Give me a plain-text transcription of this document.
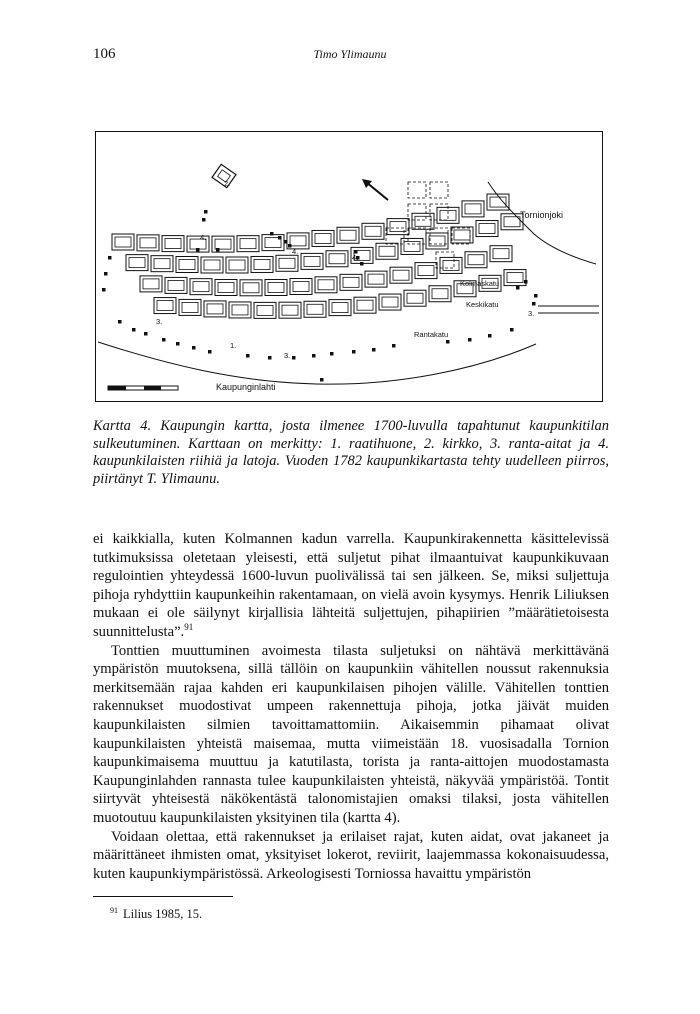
106	Timo Ylimaunu
Tornionjoki
Kaupunginlahti
Kolmaskatu
Keskikatu
Rantakatu
2.
1.
3.
3.
3.
4.
4.
4.

Kartta 4. Kaupungin kartta, josta ilmenee 1700-luvulla tapahtunut kaupunkitilan sulkeutuminen. Karttaan on merkitty: 1. raatihuone, 2. kirkko, 3. ranta-aitat ja 4. kaupunkilaisten riihiä ja latoja. Vuoden 1782 kaupunkikartasta tehty uudelleen piirros, piirtänyt T. Ylimaunu.

ei kaikkialla, kuten Kolmannen kadun varrella. Kaupunkirakennetta käsittelevissä tutkimuksissa oletetaan yleisesti, että suljetut pihat ilmaantuivat kaupunkikuvaan regulointien yhteydessä 1600-luvun puolivälissä tai sen jälkeen. Se, miksi suljettuja pihoja ryhdyttiin kaupunkeihin rakentamaan, on vielä avoin kysymys. Henrik Liliuksen mukaan ei ole säilynyt kirjallisia lähteitä suljettujen, pihapiirien ”määrätietoisesta suunnittelusta”.$^{91}$

Tonttien muuttuminen avoimesta tilasta suljetuksi on nähtävä merkittävänä ympäristön muutoksena, sillä tällöin on kaupunkiin vähitellen noussut rakennuksia merkitsemään rajaa kahden eri kaupunkilaisen pihojen välille. Vähitellen tonttien rakennukset muodostivat umpeen rakennettuja pihoja, jotka jäivät muiden kaupunkilaisten silmien tavoittamattomiin. Aikaisemmin pihamaat olivat kaupunkilaisten yhteistä maisemaa, mutta viimeistään 18. vuosisadalla Tornion kaupunkimaisema muuttuu ja katutilasta, torista ja ranta-aittojen muodostamasta Kaupunginlahden rannasta tulee kaupunkilaisten yhteistä, näkyvää ympäristöä. Tontit siirtyvät yhteisestä näkökentästä talonomistajien omaksi tilaksi, josta vähitellen muotoutuu kaupunkilaisten yksityinen tila (kartta 4).

Voidaan olettaa, että rakennukset ja erilaiset rajat, kuten aidat, ovat jakaneet ja määrittäneet ihmisten omat, yksityiset lokerot, reviirit, laajemmassa kokonaisuudessa, kuten kaupunkiympäristössä. Arkeologisesti Torniossa havaittu ympäristön

$^{91}$ Lilius 1985, 15.
